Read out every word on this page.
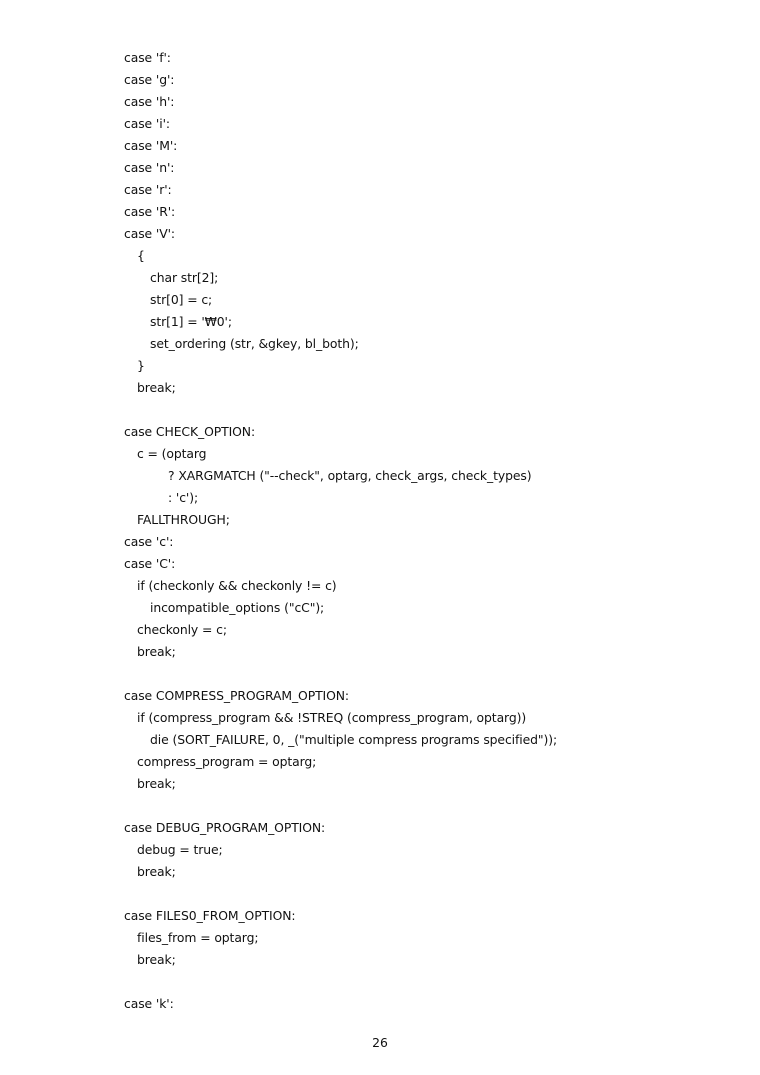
case 'f':
case 'g':
case 'h':
case 'i':
case 'M':
case 'n':
case 'r':
case 'R':
case 'V':
{
char str[2];
str[0] = c;
str[1] = '₩0';
set_ordering (str, &gkey, bl_both);
}
break;
case CHECK_OPTION:
c = (optarg
? XARGMATCH ("--check", optarg, check_args, check_types)
: 'c');
FALLTHROUGH;
case 'c':
case 'C':
if (checkonly && checkonly != c)
incompatible_options ("cC");
checkonly = c;
break;
case COMPRESS_PROGRAM_OPTION:
if (compress_program && !STREQ (compress_program, optarg))
die (SORT_FAILURE, 0, _("multiple compress programs specified"));
compress_program = optarg;
break;
case DEBUG_PROGRAM_OPTION:
debug = true;
break;
case FILES0_FROM_OPTION:
files_from = optarg;
break;
case 'k':
26
